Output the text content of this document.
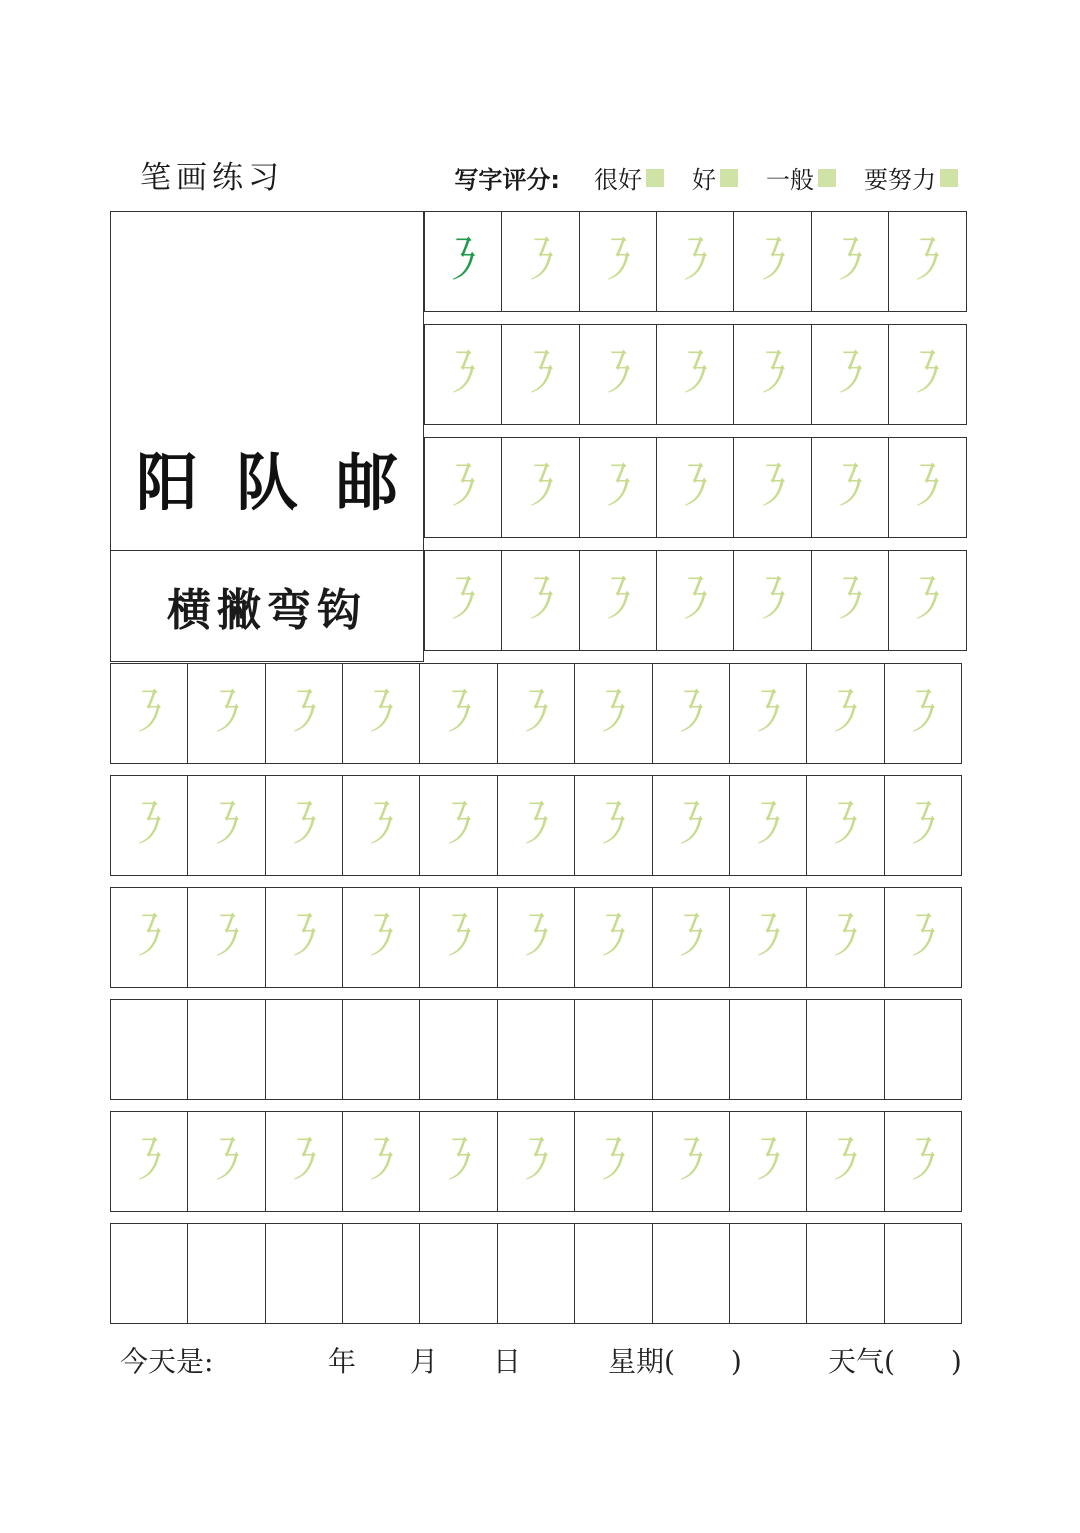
笔画练习	写字评分: 很好 好 一般 要努力
阳 队 邮
横撇弯钩
㇋ ㇋ ㇋ ㇋ ㇋ ㇋ ㇋
㇋ ㇋ ㇋ ㇋ ㇋ ㇋ ㇋
㇋ ㇋ ㇋ ㇋ ㇋ ㇋ ㇋
㇋ ㇋ ㇋ ㇋ ㇋ ㇋ ㇋
㇋ ㇋ ㇋ ㇋ ㇋ ㇋ ㇋ ㇋ ㇋ ㇋ ㇋
㇋ ㇋ ㇋ ㇋ ㇋ ㇋ ㇋ ㇋ ㇋ ㇋ ㇋
㇋ ㇋ ㇋ ㇋ ㇋ ㇋ ㇋ ㇋ ㇋ ㇋ ㇋
㇋ ㇋ ㇋ ㇋ ㇋ ㇋ ㇋ ㇋ ㇋ ㇋ ㇋
今天是:	年 月 日	星期(　　)	天气(　　)
